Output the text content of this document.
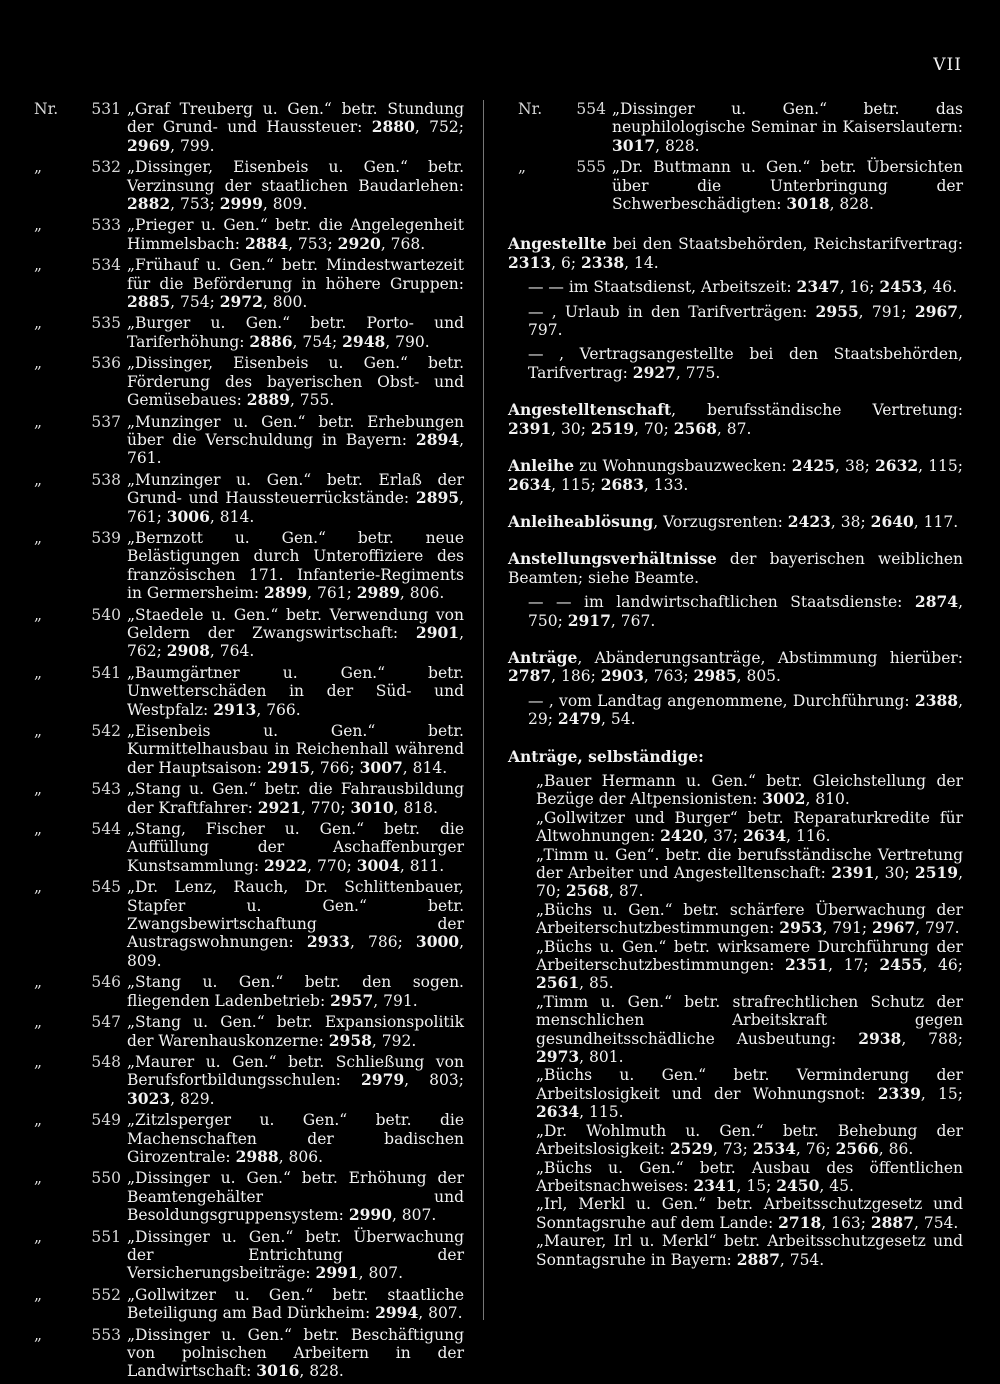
VII
Nr.	531 „Graf Treuberg u. Gen.“ betr. Stundung der Grund- und Haussteuer: 2880, 752; 2969, 799.
„	532 „Dissinger, Eisenbeis u. Gen.“ betr. Verzinsung der staatlichen Baudarlehen: 2882, 753; 2999, 809.
„	533 „Prieger u. Gen.“ betr. die Angelegenheit Himmelsbach: 2884, 753; 2920, 768.
„	534 „Frühauf u. Gen.“ betr. Mindestwartezeit für die Beförderung in höhere Gruppen: 2885, 754; 2972, 800.
„	535 „Burger u. Gen.“ betr. Porto- und Tariferhöhung: 2886, 754; 2948, 790.
„	536 „Dissinger, Eisenbeis u. Gen.“ betr. Förderung des bayerischen Obst- und Gemüsebaues: 2889, 755.
„	537 „Munzinger u. Gen.“ betr. Erhebungen über die Verschuldung in Bayern: 2894, 761.
„	538 „Munzinger u. Gen.“ betr. Erlaß der Grund- und Haussteuerrückstände: 2895, 761; 3006, 814.
„	539 „Bernzott u. Gen.“ betr. neue Belästigungen durch Unteroffiziere des französischen 171. Infanterie-Regiments in Germersheim: 2899, 761; 2989, 806.
„	540 „Staedele u. Gen.“ betr. Verwendung von Geldern der Zwangswirtschaft: 2901, 762; 2908, 764.
„	541 „Baumgärtner u. Gen.“ betr. Unwetterschäden in der Süd- und Westpfalz: 2913, 766.
„	542 „Eisenbeis u. Gen.“ betr. Kurmittelhausbau in Reichenhall während der Hauptsaison: 2915, 766; 3007, 814.
„	543 „Stang u. Gen.“ betr. die Fahrausbildung der Kraftfahrer: 2921, 770; 3010, 818.
„	544 „Stang, Fischer u. Gen.“ betr. die Auffüllung der Aschaffenburger Kunstsammlung: 2922, 770; 3004, 811.
„	545 „Dr. Lenz, Rauch, Dr. Schlittenbauer, Stapfer u. Gen.“ betr. Zwangsbewirtschaftung der Austragswohnungen: 2933, 786; 3000, 809.
„	546 „Stang u. Gen.“ betr. den sogen. fliegenden Ladenbetrieb: 2957, 791.
„	547 „Stang u. Gen.“ betr. Expansionspolitik der Warenhauskonzerne: 2958, 792.
„	548 „Maurer u. Gen.“ betr. Schließung von Berufsfortbildungsschulen: 2979, 803; 3023, 829.
„	549 „Zitzlsperger u. Gen.“ betr. die Machenschaften der badischen Girozentrale: 2988, 806.
„	550 „Dissinger u. Gen.“ betr. Erhöhung der Beamtengehälter und Besoldungsgruppensystem: 2990, 807.
„	551 „Dissinger u. Gen.“ betr. Überwachung der Entrichtung der Versicherungsbeiträge: 2991, 807.
„	552 „Gollwitzer u. Gen.“ betr. staatliche Beteiligung am Bad Dürkheim: 2994, 807.
„	553 „Dissinger u. Gen.“ betr. Beschäftigung von polnischen Arbeitern in der Landwirtschaft: 3016, 828.
Nr.	554 „Dissinger u. Gen.“ betr. das neuphilologische Seminar in Kaiserslautern: 3017, 828.
„	555 „Dr. Buttmann u. Gen.“ betr. Übersichten über die Unterbringung der Schwerbeschädigten: 3018, 828.
Angestellte bei den Staatsbehörden, Reichstarifvertrag: 2313, 6; 2338, 14.
— — im Staatsdienst, Arbeitszeit: 2347, 16; 2453, 46.
— , Urlaub in den Tarifverträgen: 2955, 791; 2967, 797.
— , Vertragsangestellte bei den Staatsbehörden, Tarifvertrag: 2927, 775.
Angestelltenschaft, berufsständische Vertretung: 2391, 30; 2519, 70; 2568, 87.
Anleihe zu Wohnungsbauzwecken: 2425, 38; 2632, 115; 2634, 115; 2683, 133.
Anleiheablösung, Vorzugsrenten: 2423, 38; 2640, 117.
Anstellungsverhältnisse der bayerischen weiblichen Beamten; siehe Beamte.
— — im landwirtschaftlichen Staatsdienste: 2874, 750; 2917, 767.
Anträge, Abänderungsanträge, Abstimmung hierüber: 2787, 186; 2903, 763; 2985, 805.
— , vom Landtag angenommene, Durchführung: 2388, 29; 2479, 54.
Anträge, selbständige:
„Bauer Hermann u. Gen.“ betr. Gleichstellung der Bezüge der Altpensionisten: 3002, 810.
„Gollwitzer und Burger“ betr. Reparaturkredite für Altwohnungen: 2420, 37; 2634, 116.
„Timm u. Gen“. betr. die berufsständische Vertretung der Arbeiter und Angestelltenschaft: 2391, 30; 2519, 70; 2568, 87.
„Büchs u. Gen.“ betr. schärfere Überwachung der Arbeiterschutzbestimmungen: 2953, 791; 2967, 797.
„Büchs u. Gen.“ betr. wirksamere Durchführung der Arbeiterschutzbestimmungen: 2351, 17; 2455, 46; 2561, 85.
„Timm u. Gen.“ betr. strafrechtlichen Schutz der menschlichen Arbeitskraft gegen gesundheitsschädliche Ausbeutung: 2938, 788; 2973, 801.
„Büchs u. Gen.“ betr. Verminderung der Arbeitslosigkeit und der Wohnungsnot: 2339, 15; 2634, 115.
„Dr. Wohlmuth u. Gen.“ betr. Behebung der Arbeitslosigkeit: 2529, 73; 2534, 76; 2566, 86.
„Büchs u. Gen.“ betr. Ausbau des öffentlichen Arbeitsnachweises: 2341, 15; 2450, 45.
„Irl, Merkl u. Gen.“ betr. Arbeitsschutzgesetz und Sonntagsruhe auf dem Lande: 2718, 163; 2887, 754.
„Maurer, Irl u. Merkl“ betr. Arbeitsschutzgesetz und Sonntagsruhe in Bayern: 2887, 754.
